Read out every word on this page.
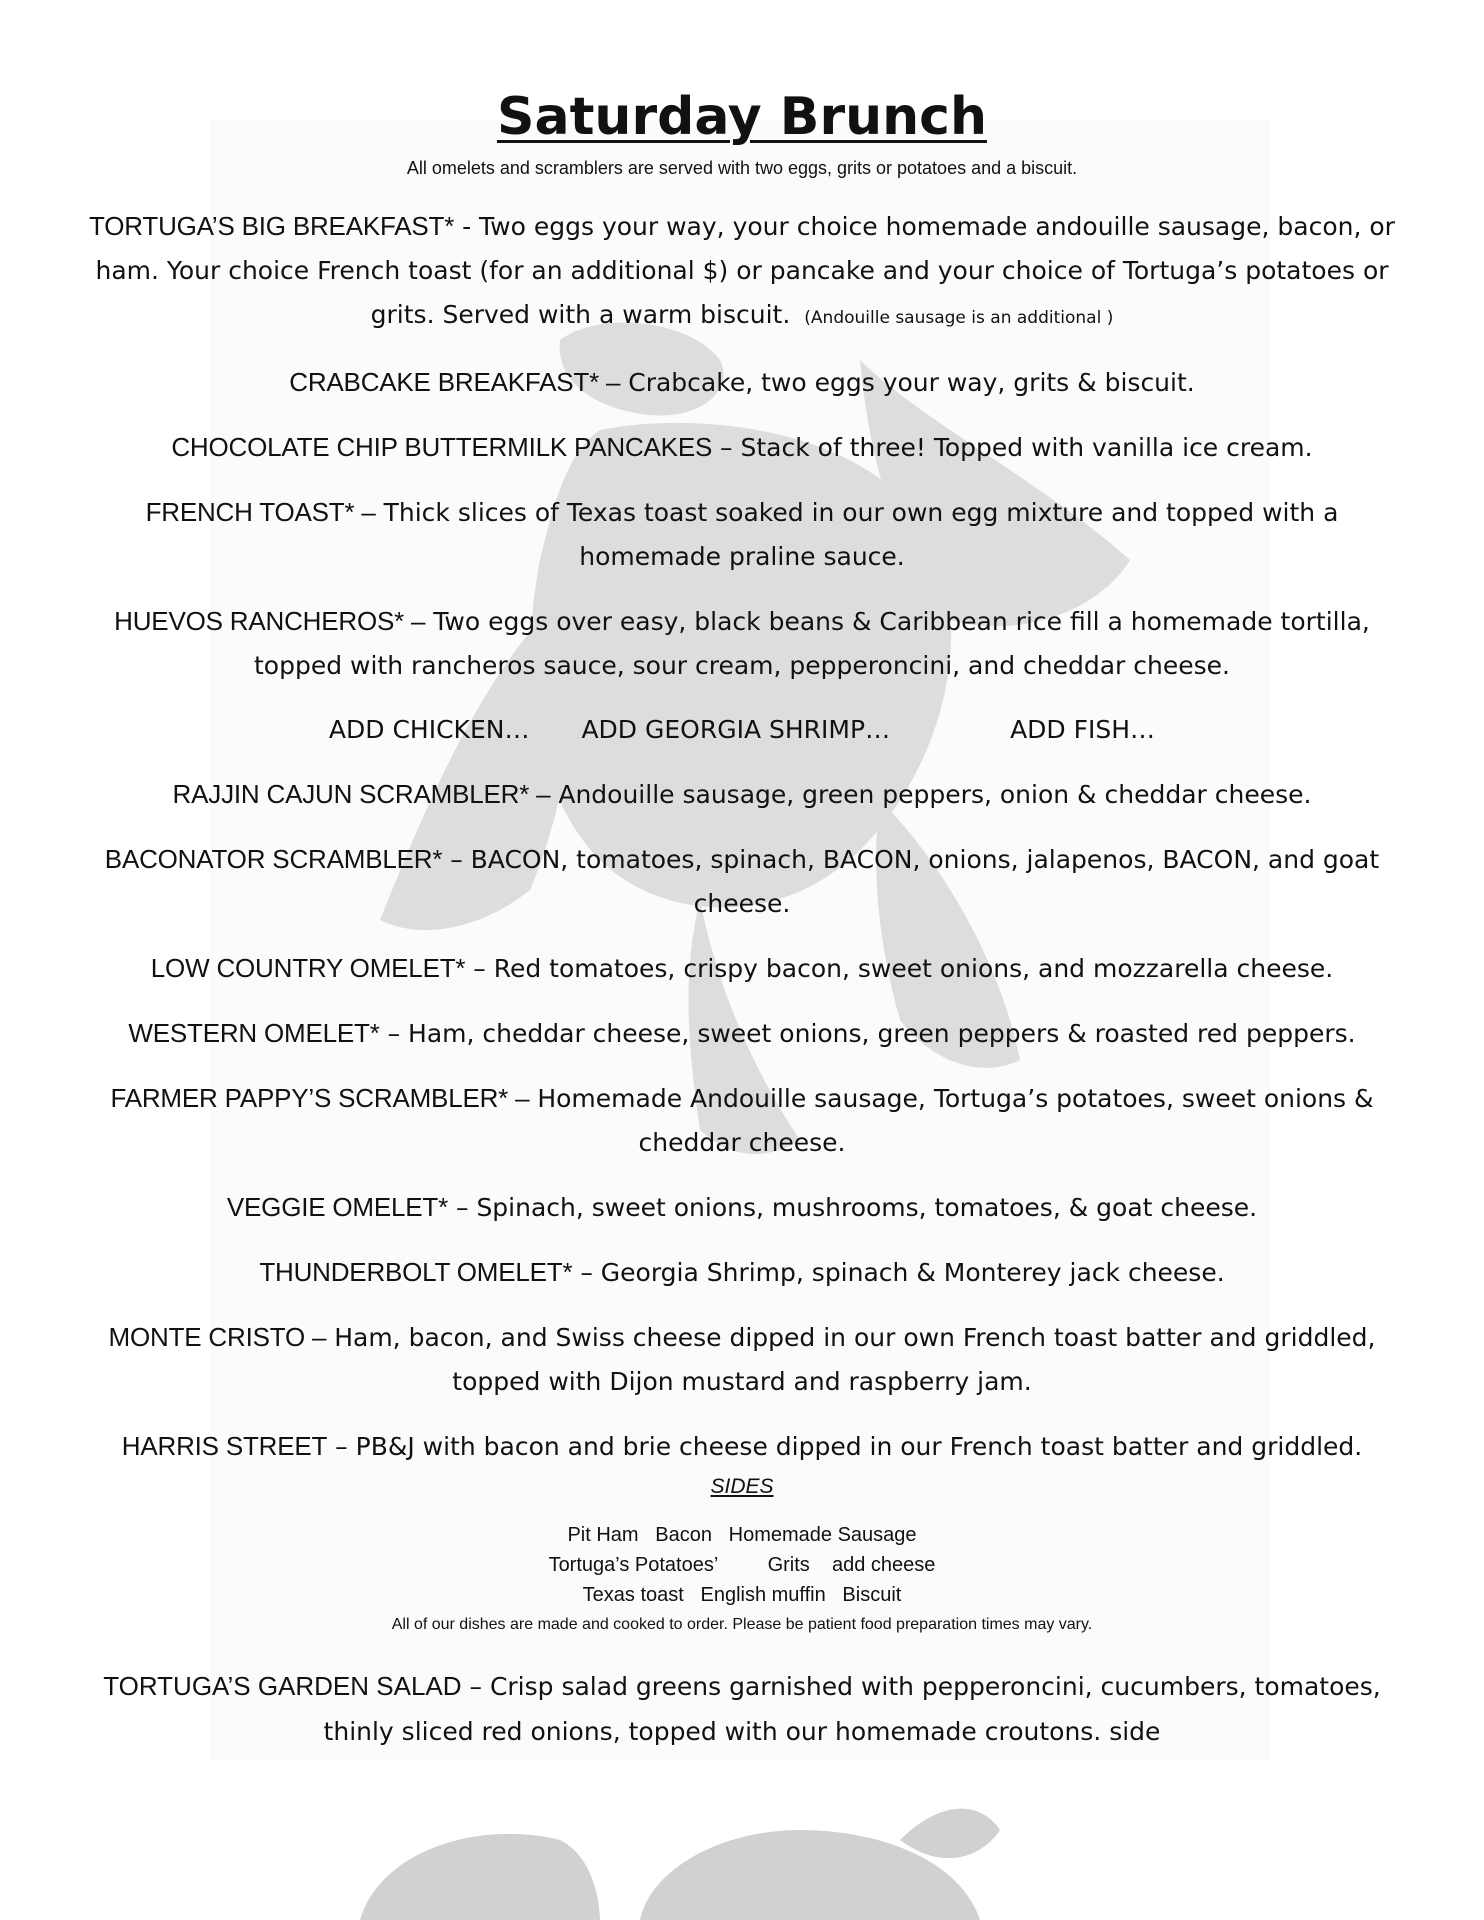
Saturday Brunch
All omelets and scramblers are served with two eggs, grits or potatoes and a biscuit.
TORTUGA’S BIG BREAKFAST* - Two eggs your way, your choice homemade andouille sausage, bacon, or ham. Your choice French toast (for an additional $) or pancake and your choice of Tortuga’s potatoes or grits. Served with a warm biscuit. (Andouille sausage is an additional )
CRABCAKE BREAKFAST* – Crabcake, two eggs your way, grits & biscuit.
CHOCOLATE CHIP BUTTERMILK PANCAKES – Stack of three! Topped with vanilla ice cream.
FRENCH TOAST* – Thick slices of Texas toast soaked in our own egg mixture and topped with a homemade praline sauce.
HUEVOS RANCHEROS* – Two eggs over easy, black beans & Caribbean rice fill a homemade tortilla, topped with rancheros sauce, sour cream, pepperoncini, and cheddar cheese.
ADD CHICKEN… ADD GEORGIA SHRIMP…	ADD FISH…
RAJJIN CAJUN SCRAMBLER* – Andouille sausage, green peppers, onion & cheddar cheese.
BACONATOR SCRAMBLER* – BACON, tomatoes, spinach, BACON, onions, jalapenos, BACON, and goat cheese.
LOW COUNTRY OMELET* – Red tomatoes, crispy bacon, sweet onions, and mozzarella cheese.
WESTERN OMELET* – Ham, cheddar cheese, sweet onions, green peppers & roasted red peppers.
FARMER PAPPY’S SCRAMBLER* – Homemade Andouille sausage, Tortuga’s potatoes, sweet onions & cheddar cheese.
VEGGIE OMELET* – Spinach, sweet onions, mushrooms, tomatoes, & goat cheese.
THUNDERBOLT OMELET* – Georgia Shrimp, spinach & Monterey jack cheese.
MONTE CRISTO – Ham, bacon, and Swiss cheese dipped in our own French toast batter and griddled, topped with Dijon mustard and raspberry jam.
HARRIS STREET – PB&J with bacon and brie cheese dipped in our French toast batter and griddled.
SIDES
Pit Ham   Bacon   Homemade Sausage
Tortuga’s Potatoes’         Grits    add cheese
Texas toast   English muffin   Biscuit
All of our dishes are made and cooked to order. Please be patient food preparation times may vary.
TORTUGA’S GARDEN SALAD – Crisp salad greens garnished with pepperoncini, cucumbers, tomatoes, thinly sliced red onions, topped with our homemade croutons. side
